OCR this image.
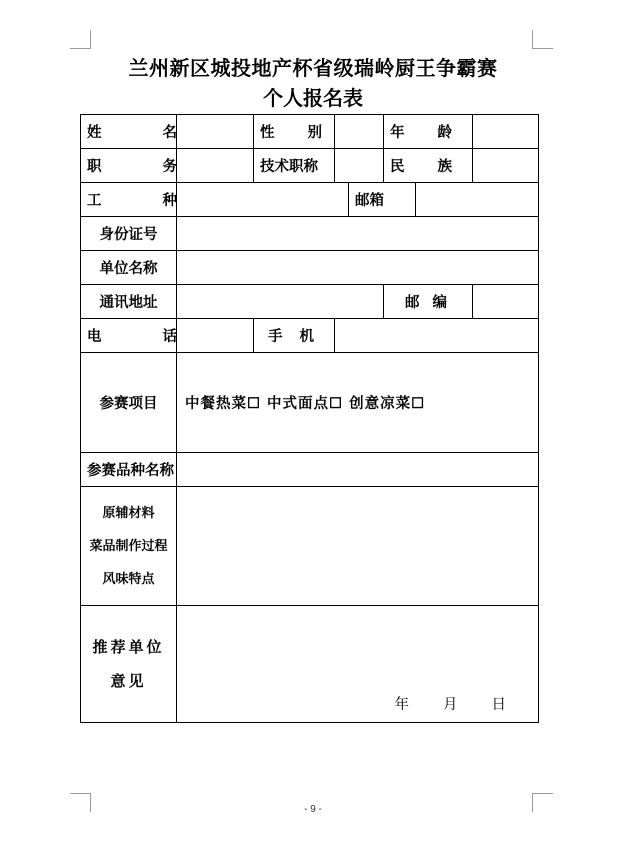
兰州新区城投地产杯省级瑞岭厨王争霸赛
个人报名表
姓 名		性 别			年 龄		
职 务		技术职称			民 族		
工 种				邮箱			
身份证号							
单位名称							
通讯地址					邮 编		
电 话		手 机					
参赛项目	中餐热菜☐ 中式面点☐ 创意凉菜☐						
参赛品种名称							

原辅材料
菜品制作过程
风味特点							

推荐单位
意见	年 月 日						
- 9 -
